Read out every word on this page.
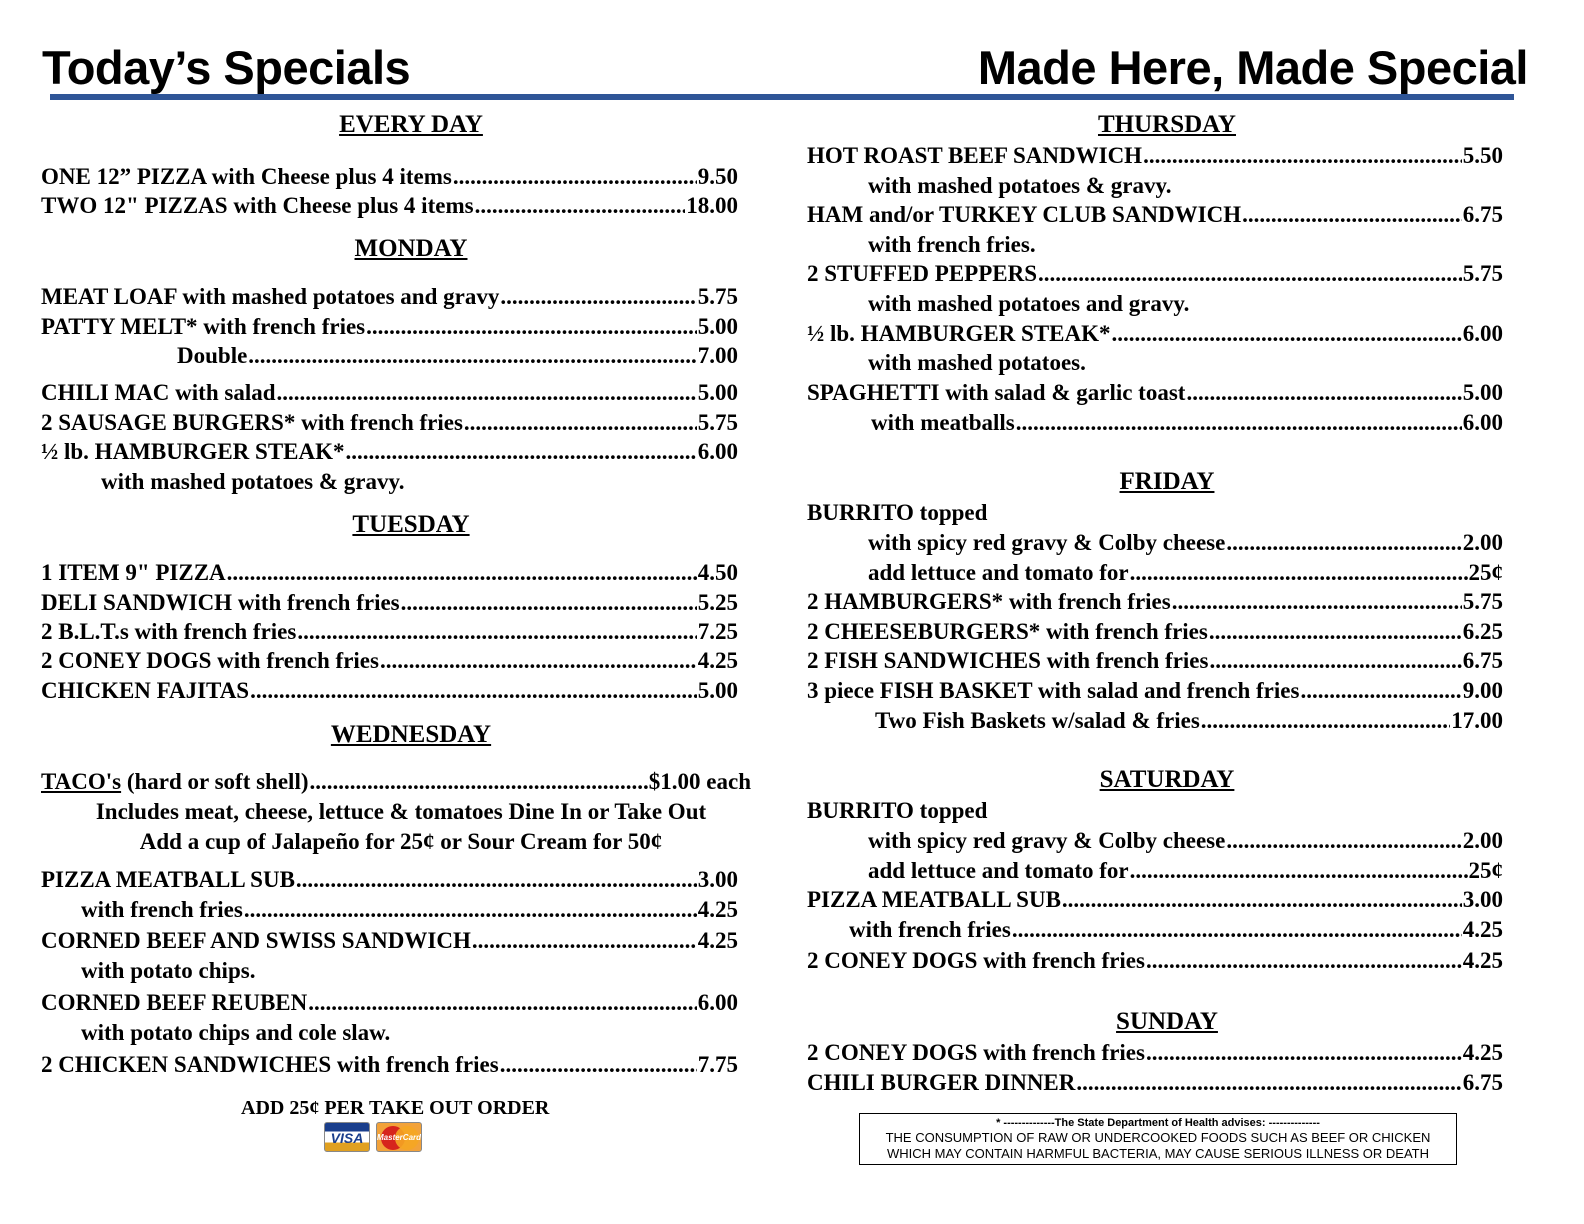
Today’s Specials	Made Here, Made Special
EVERY DAY
ONE 12” PIZZA with Cheese plus 4 items .....	9.50
TWO 12" PIZZAS with Cheese plus 4 items .....	18.00
MONDAY
MEAT LOAF with mashed potatoes and gravy .....	5.75
PATTY MELT* with french fries .....	5.00
Double .....	7.00
CHILI MAC with salad .....	5.00
2 SAUSAGE BURGERS* with french fries .....	5.75
½ lb. HAMBURGER STEAK* .....	6.00
with mashed potatoes & gravy.
TUESDAY
1 ITEM 9" PIZZA .....	4.50
DELI SANDWICH with french fries .....	5.25
2 B.L.T.s with french fries .....	7.25
2 CONEY DOGS with french fries .....	4.25
CHICKEN FAJITAS .....	5.00
WEDNESDAY
TACO's (hard or soft shell) .....	$1.00 each
Includes meat, cheese, lettuce & tomatoes Dine In or Take Out
Add a cup of Jalapeño for 25¢ or Sour Cream for 50¢
PIZZA MEATBALL SUB .....	3.00
with french fries .....	4.25
CORNED BEEF AND SWISS SANDWICH .....	4.25
with potato chips.
CORNED BEEF REUBEN .....	6.00
with potato chips and cole slaw.
2 CHICKEN SANDWICHES with french fries .....	7.75
ADD 25¢ PER TAKE OUT ORDER
VISA	MasterCard
THURSDAY
HOT ROAST BEEF SANDWICH .....	5.50
with mashed potatoes & gravy.
HAM and/or TURKEY CLUB SANDWICH .....	6.75
with french fries.
2 STUFFED PEPPERS .....	5.75
with mashed potatoes and gravy.
½ lb. HAMBURGER STEAK* .....	6.00
with mashed potatoes.
SPAGHETTI with salad & garlic toast .....	5.00
with meatballs .....	6.00
FRIDAY
BURRITO topped
with spicy red gravy & Colby cheese .....	2.00
add lettuce and tomato for .....	25¢
2 HAMBURGERS* with french fries .....	5.75
2 CHEESEBURGERS* with french fries .....	6.25
2 FISH SANDWICHES with french fries .....	6.75
3 piece FISH BASKET with salad and french fries .....	9.00
Two Fish Baskets w/salad & fries .....	17.00
SATURDAY
BURRITO topped
with spicy red gravy & Colby cheese .....	2.00
add lettuce and tomato for .....	25¢
PIZZA MEATBALL SUB .....	3.00
with french fries .....	4.25
2 CONEY DOGS with french fries .....	4.25
SUNDAY
2 CONEY DOGS with french fries .....	4.25
CHILI BURGER DINNER .....	6.75
* --------------The State Department of Health advises: --------------
THE CONSUMPTION OF RAW OR UNDERCOOKED FOODS SUCH AS BEEF OR CHICKEN
WHICH MAY CONTAIN HARMFUL BACTERIA, MAY CAUSE SERIOUS ILLNESS OR DEATH
